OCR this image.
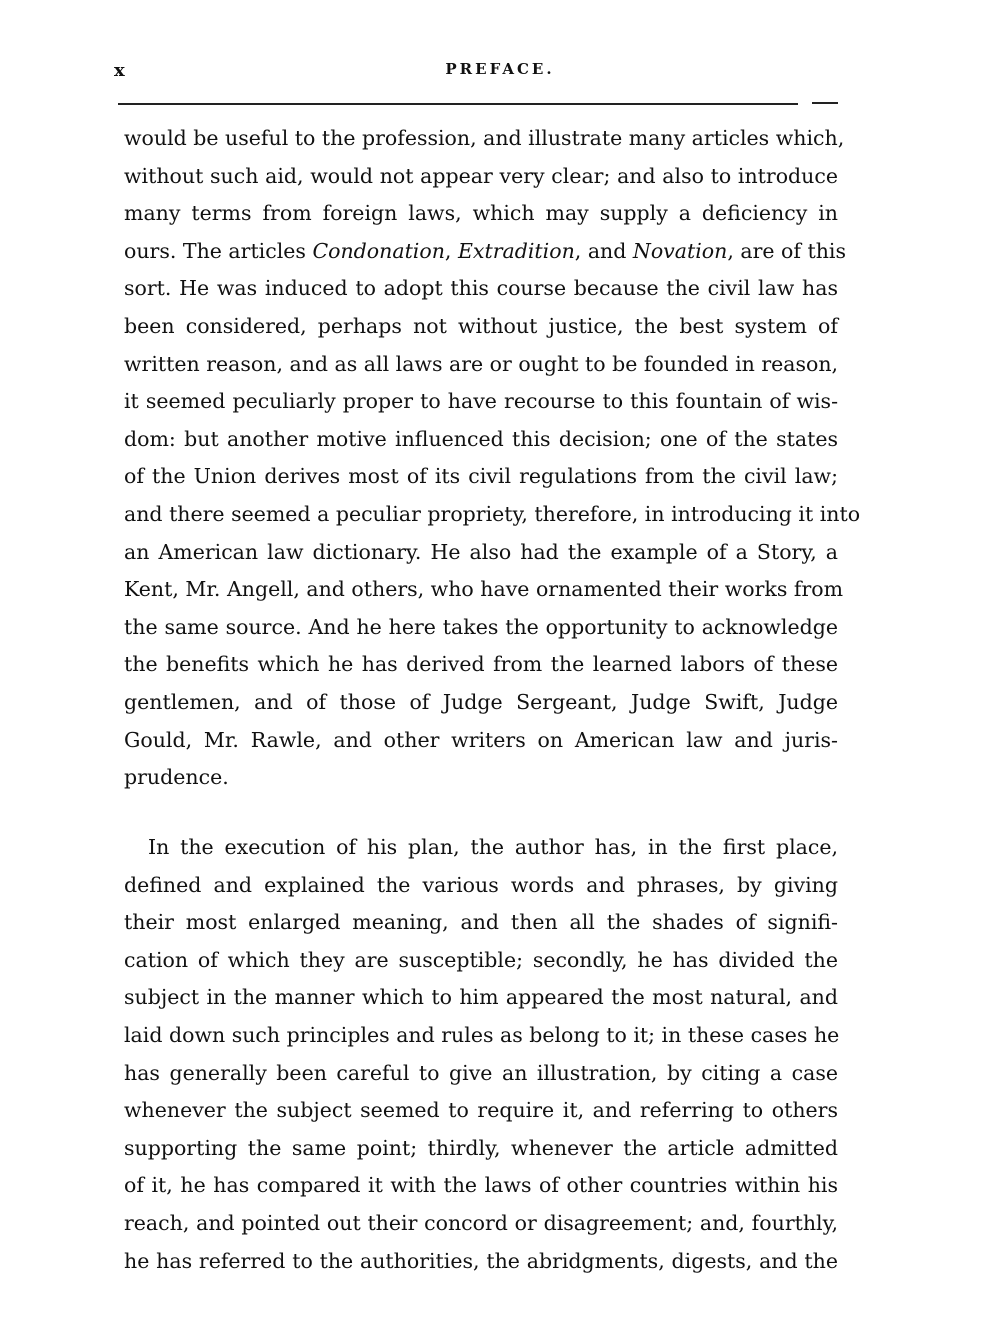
x	PREFACE.
would be useful to the profession, and illustrate many articles which,
without such aid, would not appear very clear; and also to introduce
many terms from foreign laws, which may supply a deficiency in
ours. The articles Condonation, Extradition, and Novation, are of this
sort. He was induced to adopt this course because the civil law has
been considered, perhaps not without justice, the best system of
written reason, and as all laws are or ought to be founded in reason,
it seemed peculiarly proper to have recourse to this fountain of wis-
dom: but another motive influenced this decision; one of the states
of the Union derives most of its civil regulations from the civil law;
and there seemed a peculiar propriety, therefore, in introducing it into
an American law dictionary. He also had the example of a Story, a
Kent, Mr. Angell, and others, who have ornamented their works from
the same source. And he here takes the opportunity to acknowledge
the benefits which he has derived from the learned labors of these
gentlemen, and of those of Judge Sergeant, Judge Swift, Judge
Gould, Mr. Rawle, and other writers on American law and juris-
prudence.
In the execution of his plan, the author has, in the first place,
defined and explained the various words and phrases, by giving
their most enlarged meaning, and then all the shades of signifi-
cation of which they are susceptible; secondly, he has divided the
subject in the manner which to him appeared the most natural, and
laid down such principles and rules as belong to it; in these cases he
has generally been careful to give an illustration, by citing a case
whenever the subject seemed to require it, and referring to others
supporting the same point; thirdly, whenever the article admitted
of it, he has compared it with the laws of other countries within his
reach, and pointed out their concord or disagreement; and, fourthly,
he has referred to the authorities, the abridgments, digests, and the
